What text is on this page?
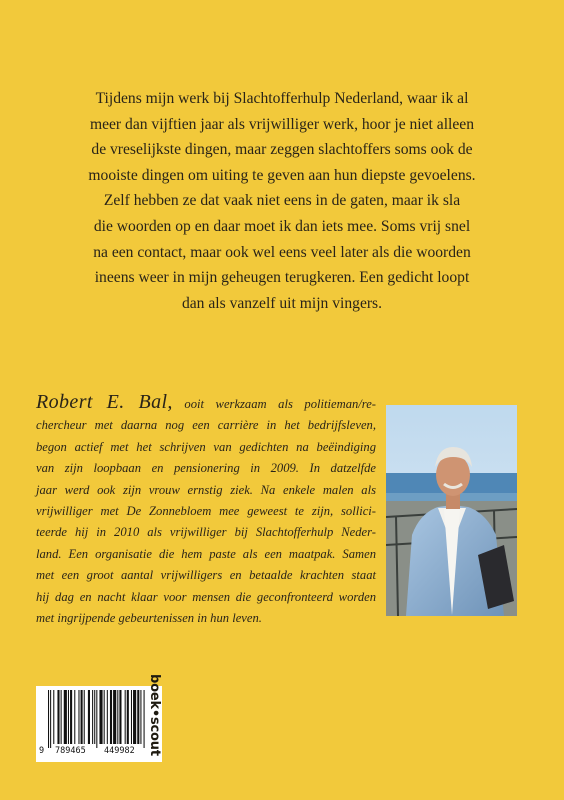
Tijdens mijn werk bij Slachtofferhulp Nederland, waar ik al
meer dan vijftien jaar als vrijwilliger werk, hoor je niet alleen
de vreselijkste dingen, maar zeggen slachtoffers soms ook de
mooiste dingen om uiting te geven aan hun diepste gevoelens.
Zelf hebben ze dat vaak niet eens in de gaten, maar ik sla
die woorden op en daar moet ik dan iets mee. Soms vrij snel
na een contact, maar ook wel eens veel later als die woorden
ineens weer in mijn geheugen terugkeren. Een gedicht loopt
dan als vanzelf uit mijn vingers.

Robert E. Bal, ooit werkzaam als politieman/re-
chercheur met daarna nog een carrière in het bedrijfsleven,
begon actief met het schrijven van gedichten na beëindiging
van zijn loopbaan en pensionering in 2009. In datzelfde
jaar werd ook zijn vrouw ernstig ziek. Na enkele malen als
vrijwilliger met De Zonnebloem mee geweest te zijn, sollici-
teerde hij in 2010 als vrijwilliger bij Slachtofferhulp Neder-
land. Een organisatie die hem paste als een maatpak. Samen
met een groot aantal vrijwilligers en betaalde krachten staat
hij dag en nacht klaar voor mensen die geconfronteerd worden
met ingrijpende gebeurtenissen in hun leven.
9 789465 449982 boek•scout
